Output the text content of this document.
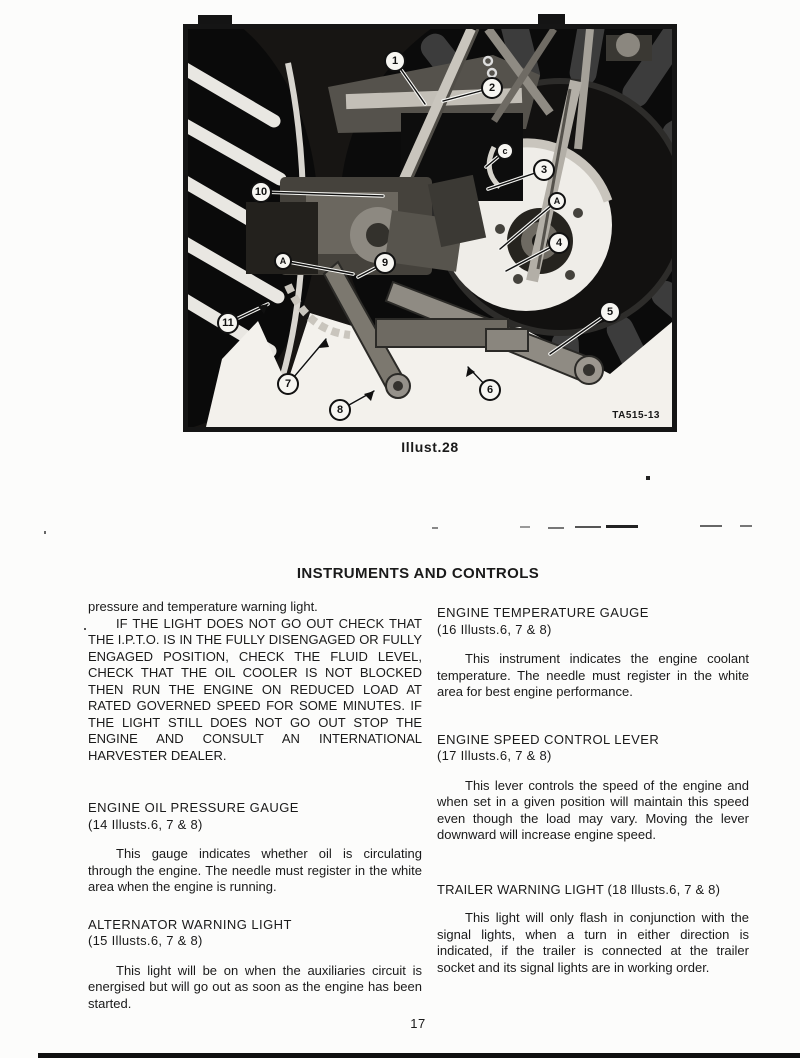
1
2
c
3
A
4
5
6
7
8
9
10
11
A
TA515-13
Illust.28
INSTRUMENTS AND CONTROLS

pressure and temperature warning light.

IF THE LIGHT DOES NOT GO OUT CHECK THAT THE I.P.T.O. IS IN THE FULLY DISENGAGED OR FULLY ENGAGED POSITION, CHECK THE FLUID LEVEL, CHECK THAT THE OIL COOLER IS NOT BLOCKED THEN RUN THE ENGINE ON REDUCED LOAD AT RATED GOVERNED SPEED FOR SOME MINUTES. IF THE LIGHT STILL DOES NOT GO OUT STOP THE ENGINE AND CONSULT AN INTERNATIONAL HARVESTER DEALER.

ENGINE OIL PRESSURE GAUGE
(14 Illusts.6, 7 & 8)

This gauge indicates whether oil is circulating through the engine. The needle must register in the white area when the engine is running.

ALTERNATOR WARNING LIGHT
(15 Illusts.6, 7 & 8)

This light will be on when the auxiliaries circuit is energised but will go out as soon as the engine has been started.

ENGINE TEMPERATURE GAUGE
(16 Illusts.6, 7 & 8)

This instrument indicates the engine coolant temperature. The needle must register in the white area for best engine performance.

ENGINE SPEED CONTROL LEVER
(17 Illusts.6, 7 & 8)

This lever controls the speed of the engine and when set in a given position will maintain this speed even though the load may vary. Moving the lever downward will increase engine speed.

TRAILER WARNING LIGHT (18 Illusts.6, 7 & 8)

This light will only flash in conjunction with the signal lights, when a turn in either direction is indicated, if the trailer is connected at the trailer socket and its signal lights are in working order.

17
